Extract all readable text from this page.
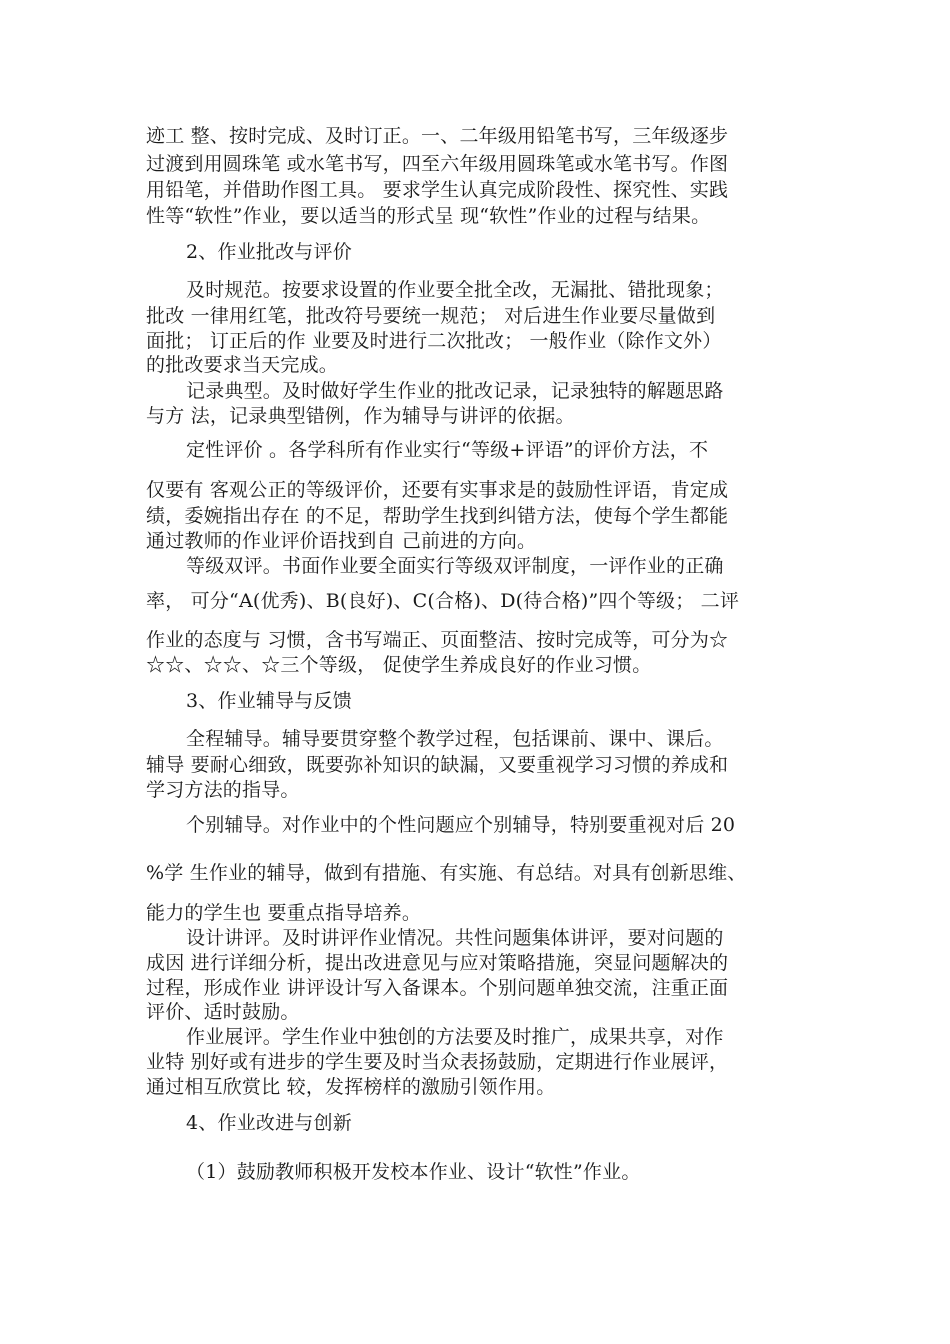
迹工 整、按时完成、及时订正。一、二年级用铅笔书写，三年级逐步
过渡到用圆珠笔 或水笔书写，四至六年级用圆珠笔或水笔书写。作图
用铅笔，并借助作图工具。 要求学生认真完成阶段性、探究性、实践
性等“软性”作业，要以适当的形式呈 现“软性”作业的过程与结果。
2、作业批改与评价
及时规范。按要求设置的作业要全批全改，无漏批、错批现象；
批改 一律用红笔，批改符号要统一规范； 对后进生作业要尽量做到
面批； 订正后的作 业要及时进行二次批改； 一般作业（除作文外）
的批改要求当天完成。
记录典型。及时做好学生作业的批改记录，记录独特的解题思路
与方 法，记录典型错例，作为辅导与讲评的依据。
定性评价 。各学科所有作业实行“等级+评语”的评价方法，不
仅要有 客观公正的等级评价，还要有实事求是的鼓励性评语，肯定成
绩，委婉指出存在 的不足，帮助学生找到纠错方法，使每个学生都能
通过教师的作业评价语找到自 己前进的方向。
等级双评。书面作业要全面实行等级双评制度，一评作业的正确
率， 可分“A(优秀)、B(良好)、C(合格)、D(待合格)”四个等级； 二评
作业的态度与 习惯，含书写端正、页面整洁、按时完成等，可分为☆
☆☆、☆☆、☆三个等级， 促使学生养成良好的作业习惯。
3、作业辅导与反馈
全程辅导。辅导要贯穿整个教学过程，包括课前、课中、课后。
辅导 要耐心细致，既要弥补知识的缺漏，又要重视学习习惯的养成和
学习方法的指导。
个别辅导。对作业中的个性问题应个别辅导，特别要重视对后 20
%学 生作业的辅导，做到有措施、有实施、有总结。对具有创新思维、
能力的学生也 要重点指导培养。
设计讲评。及时讲评作业情况。共性问题集体讲评，要对问题的
成因 进行详细分析，提出改进意见与应对策略措施，突显问题解决的
过程，形成作业 讲评设计写入备课本。个别问题单独交流，注重正面
评价、适时鼓励。
作业展评。学生作业中独创的方法要及时推广，成果共享，对作
业特 别好或有进步的学生要及时当众表扬鼓励，定期进行作业展评，
通过相互欣赏比 较，发挥榜样的激励引领作用。
4、作业改进与创新
（1）鼓励教师积极开发校本作业、设计“软性”作业。
